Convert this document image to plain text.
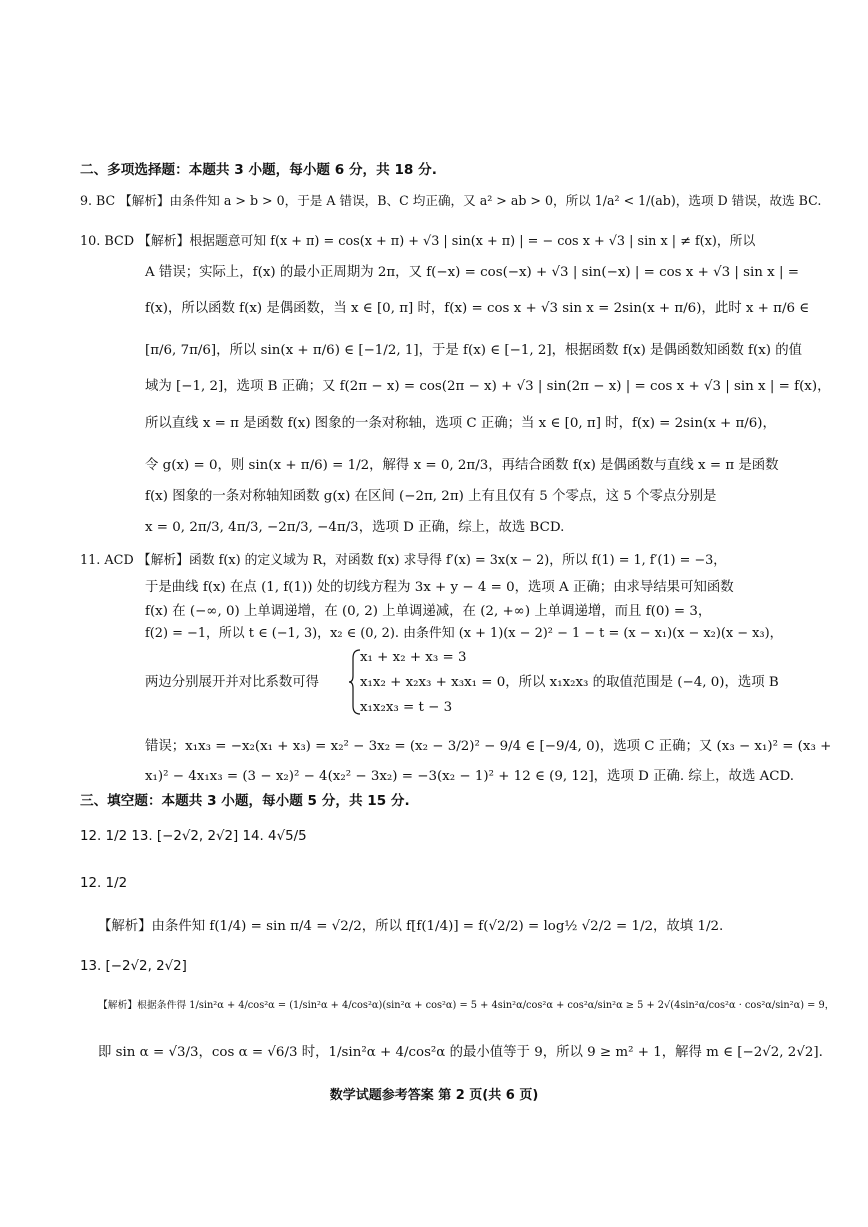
二、多项选择题：本题共 3 小题，每小题 6 分，共 18 分.
9. BC 【解析】由条件知 a > b > 0，于是 A 错误，B、C 均正确，又 a² > ab > 0，所以 1/a² < 1/(ab)，选项 D 错误，故选 BC.
10. BCD 【解析】根据题意可知 f(x + π) = cos(x + π) + √3 | sin(x + π) | = − cos x + √3 | sin x | ≠ f(x)，所以
A 错误；实际上，f(x) 的最小正周期为 2π，又 f(−x) = cos(−x) + √3 | sin(−x) | = cos x + √3 | sin x | =
f(x)，所以函数 f(x) 是偶函数，当 x ∈ [0, π] 时，f(x) = cos x + √3 sin x = 2sin(x + π/6)，此时 x + π/6 ∈
[π/6, 7π/6]，所以 sin(x + π/6) ∈ [−1/2, 1]，于是 f(x) ∈ [−1, 2]，根据函数 f(x) 是偶函数知函数 f(x) 的值
域为 [−1, 2]，选项 B 正确；又 f(2π − x) = cos(2π − x) + √3 | sin(2π − x) | = cos x + √3 | sin x | = f(x)，
所以直线 x = π 是函数 f(x) 图象的一条对称轴，选项 C 正确；当 x ∈ [0, π] 时，f(x) = 2sin(x + π/6)，
令 g(x) = 0，则 sin(x + π/6) = 1/2，解得 x = 0, 2π/3，再结合函数 f(x) 是偶函数与直线 x = π 是函数
f(x) 图象的一条对称轴知函数 g(x) 在区间 (−2π, 2π) 上有且仅有 5 个零点，这 5 个零点分别是
x = 0, 2π/3, 4π/3, −2π/3, −4π/3，选项 D 正确，综上，故选 BCD.
11. ACD 【解析】函数 f(x) 的定义域为 R，对函数 f(x) 求导得 f′(x) = 3x(x − 2)，所以 f(1) = 1, f′(1) = −3，
于是曲线 f(x) 在点 (1, f(1)) 处的切线方程为 3x + y − 4 = 0，选项 A 正确；由求导结果可知函数
f(x) 在 (−∞, 0) 上单调递增，在 (0, 2) 上单调递减，在 (2, +∞) 上单调递增，而且 f(0) = 3，
f(2) = −1，所以 t ∈ (−1, 3)，x₂ ∈ (0, 2). 由条件知 (x + 1)(x − 2)² − 1 − t = (x − x₁)(x − x₂)(x − x₃)，
两边分别展开并对比系数可得
x₁ + x₂ + x₃ = 3
x₁x₂ + x₂x₃ + x₃x₁ = 0，所以 x₁x₂x₃ 的取值范围是 (−4, 0)，选项 B
x₁x₂x₃ = t − 3
错误；x₁x₃ = −x₂(x₁ + x₃) = x₂² − 3x₂ = (x₂ − 3/2)² − 9/4 ∈ [−9/4, 0)，选项 C 正确；又 (x₃ − x₁)² = (x₃ +
x₁)² − 4x₁x₃ = (3 − x₂)² − 4(x₂² − 3x₂) = −3(x₂ − 1)² + 12 ∈ (9, 12]，选项 D 正确. 综上，故选 ACD.
三、填空题：本题共 3 小题，每小题 5 分，共 15 分.
12. 1/2 13. [−2√2, 2√2] 14. 4√5/5
12. 1/2
【解析】由条件知 f(1/4) = sin π/4 = √2/2，所以 f[f(1/4)] = f(√2/2) = log½ √2/2 = 1/2，故填 1/2.
13. [−2√2, 2√2]
【解析】根据条件得 1/sin²α + 4/cos²α = (1/sin²α + 4/cos²α)(sin²α + cos²α) = 5 + 4sin²α/cos²α + cos²α/sin²α ≥ 5 + 2√(4sin²α/cos²α · cos²α/sin²α) = 9，
即 sin α = √3/3，cos α = √6/3 时，1/sin²α + 4/cos²α 的最小值等于 9，所以 9 ≥ m² + 1，解得 m ∈ [−2√2, 2√2].
数学试题参考答案 第 2 页(共 6 页)
